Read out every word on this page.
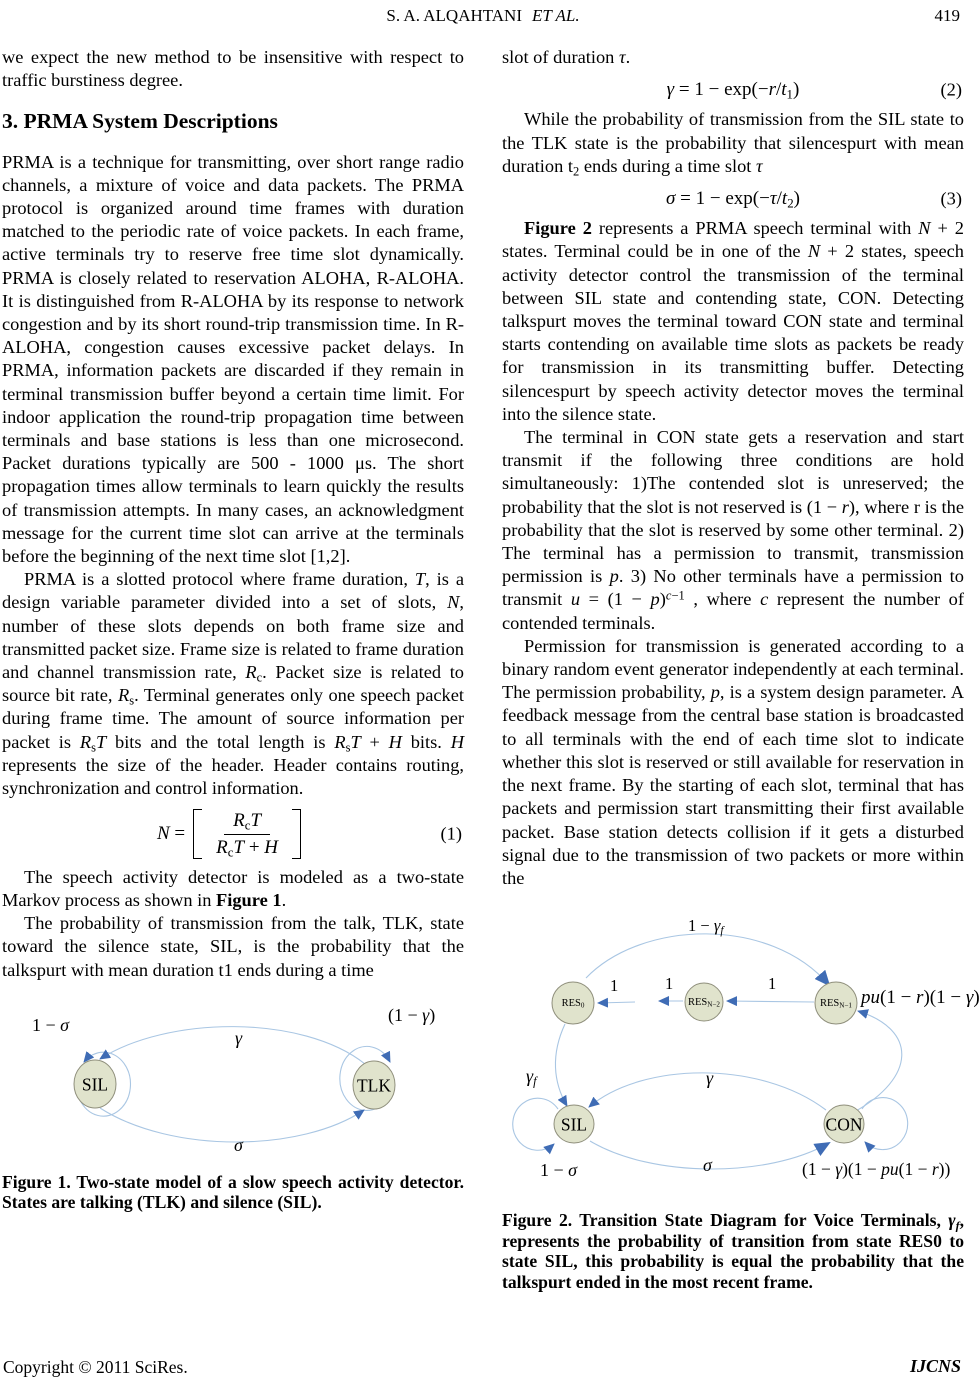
S. A. ALQAHTANI ET AL.	419

we expect the new method to be insensitive with respect to traffic burstiness degree.

3. PRMA System Descriptions

PRMA is a technique for transmitting, over short range radio channels, a mixture of voice and data packets. The PRMA protocol is organized around time frames with duration matched to the periodic rate of voice packets. In each frame, active terminals try to reserve free time slot dynamically. PRMA is closely related to reservation ALOHA, R-ALOHA. It is distinguished from R-ALOHA by its response to network congestion and by its short round-trip transmission time. In R-ALOHA, congestion causes excessive packet delays. In PRMA, information packets are discarded if they remain in terminal transmission buffer beyond a certain time limit. For indoor application the round-trip propagation time between terminals and base stations is less than one microsecond. Packet durations typically are 500 - 1000 μs. The short propagation times allow terminals to learn quickly the results of transmission attempts. In many cases, an acknowledgment message for the current time slot can arrive at the terminals before the beginning of the next time slot [1,2].

PRMA is a slotted protocol where frame duration, T, is a design variable parameter divided into a set of slots, N, number of these slots depends on both frame size and transmitted packet size. Frame size is related to frame duration and channel transmission rate, $R_c$. Packet size is related to source bit rate, $R_s$. Terminal generates only one speech packet during frame time. The amount of source information per packet is $R_sT$ bits and the total length is $R_sT + H$ bits. H represents the size of the header. Header contains routing, synchronization and control information.

$N = \frac{R_cT}{R_cT + H}$	(1)

The speech activity detector is modeled as a two-state Markov process as shown in Figure 1.

The probability of transmission from the talk, TLK, state toward the silence state, SIL, is the probability that the talkspurt with mean duration t1 ends during a time

1 − σ
γ
(1 − γ)
σ
SIL	TLK
Figure 1. Two-state model of a slow speech activity detector. States are talking (TLK) and silence (SIL).

slot of duration τ.

$\gamma = 1 - \exp(-r/t_1)$	(2)

While the probability of transmission from the SIL state to the TLK state is the probability that silencespurt with mean duration $t_2$ ends during a time slot τ

$\sigma = 1 - \exp(-\tau/t_2)$	(3)

Figure 2 represents a PRMA speech terminal with N + 2 states. Terminal could be in one of the N + 2 states, speech activity detector control the transmission of the terminal between SIL state and contending state, CON. Detecting talkspurt moves the terminal toward CON state and terminal starts contending on available time slots as packets be ready for transmission in its transmitting buffer. Detecting silencespurt by speech activity detector moves the terminal into the silence state.

The terminal in CON state gets a reservation and start transmit if the following three conditions are hold simultaneously: 1)The contended slot is unreserved; the probability that the slot is not reserved is (1 − r), where r is the probability that the slot is reserved by some other terminal. 2) The terminal has a permission to transmit, transmission permission is p. 3) No other terminals have a permission to transmit $u = (1 - p)^{c-1}$ , where c represent the number of contended terminals.

Permission for transmission is generated according to a binary random event generator independently at each terminal. The permission probability, p, is a system design parameter. A feedback message from the central base station is broadcasted to all terminals with the end of each time slot to indicate whether this slot is reserved or still available for reservation in the next frame. By the starting of each slot, terminal that has packets and permission start transmitting their first available packet. Base station detects collision if it gets a disturbed signal due to the transmission of two packets or more within the

$1 - \gamma_f$
1	1	1
pu(1 − r)(1 − γ)
$\gamma_f$	γ
1 − σ	σ	(1 − γ)(1 − pu(1 − r))
$RES_0$	$RES_{N-2}$	$RES_{N-1}$
SIL	CON
Figure 2. Transition State Diagram for Voice Terminals, $\gamma_f$, represents the probability of transition from state RES0 to state SIL, this probability is equal the probability that the talkspurt ended in the most recent frame.
Copyright © 2011 SciRes.	IJCNS
